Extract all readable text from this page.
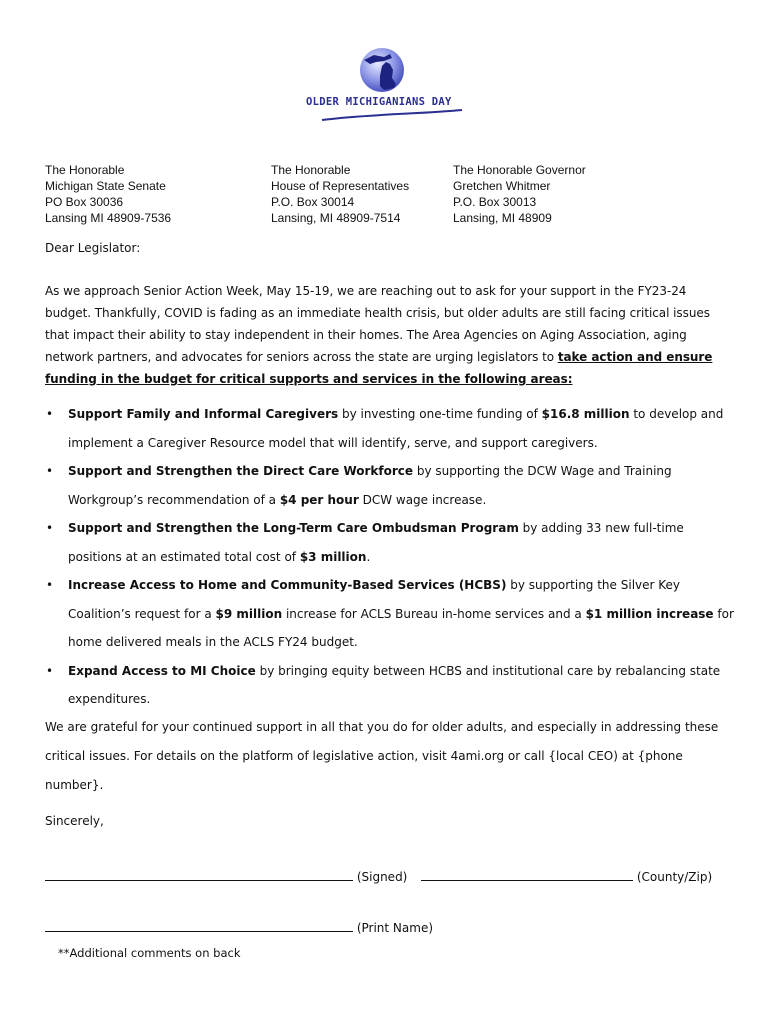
OLDER MICHIGANIANS DAY
The Honorable
Michigan State Senate
PO Box 30036
Lansing MI 48909-7536
The Honorable
House of Representatives
P.O. Box 30014
Lansing, MI 48909-7514
The Honorable Governor
Gretchen Whitmer
P.O. Box 30013
Lansing, MI 48909
Dear Legislator:
As we approach Senior Action Week, May 15-19, we are reaching out to ask for your support in the FY23-24 budget. Thankfully, COVID is fading as an immediate health crisis, but older adults are still facing critical issues that impact their ability to stay independent in their homes. The Area Agencies on Aging Association, aging network partners, and advocates for seniors across the state are urging legislators to take action and ensure funding in the budget for critical supports and services in the following areas:
• Support Family and Informal Caregivers by investing one-time funding of $16.8 million to develop and implement a Caregiver Resource model that will identify, serve, and support caregivers.
• Support and Strengthen the Direct Care Workforce by supporting the DCW Wage and Training Workgroup’s recommendation of a $4 per hour DCW wage increase.
• Support and Strengthen the Long-Term Care Ombudsman Program by adding 33 new full-time positions at an estimated total cost of $3 million.
• Increase Access to Home and Community-Based Services (HCBS) by supporting the Silver Key Coalition’s request for a $9 million increase for ACLS Bureau in-home services and a $1 million increase for home delivered meals in the ACLS FY24 budget.
• Expand Access to MI Choice by bringing equity between HCBS and institutional care by rebalancing state expenditures.
We are grateful for your continued support in all that you do for older adults, and especially in addressing these critical issues. For details on the platform of legislative action, visit 4ami.org or call {local CEO) at {phone number}.
Sincerely,
(Signed)	(County/Zip)
(Print Name)
**Additional comments on back
